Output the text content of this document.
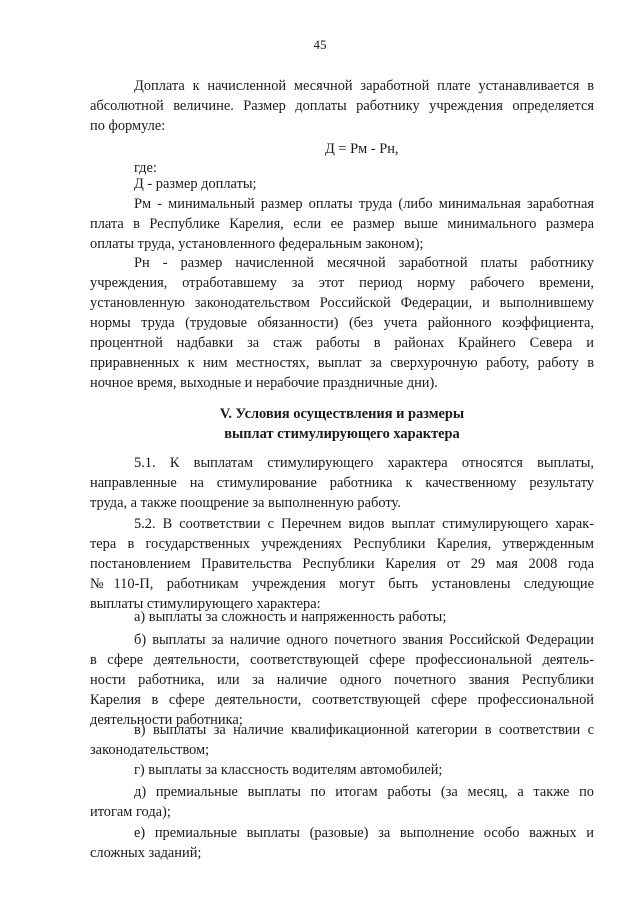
45
Доплата к начисленной месячной заработной плате устанавливается в
абсолютной величине. Размер доплаты работнику учреждения определяется
по формуле:
Д = Рм - Рн,
где:
Д - размер доплаты;
Рм - минимальный размер оплаты труда (либо минимальная заработная
плата в Республике Карелия, если ее размер выше минимального размера
оплаты труда, установленного федеральным законом);
Рн - размер начисленной месячной заработной платы работнику
учреждения, отработавшему за этот период норму рабочего времени,
установленную законодательством Российской Федерации, и выполнившему
нормы труда (трудовые обязанности) (без учета районного коэффициента,
процентной надбавки за стаж работы в районах Крайнего Севера и
приравненных к ним местностях, выплат за сверхурочную работу, работу в
ночное время, выходные и нерабочие праздничные дни).
V. Условия осуществления и размеры
выплат стимулирующего характера
5.1. К выплатам стимулирующего характера относятся выплаты,
направленные на стимулирование работника к качественному результату
труда, а также поощрение за выполненную работу.
5.2. В соответствии с Перечнем видов выплат стимулирующего харак-
тера в государственных учреждениях Республики Карелия, утвержденным
постановлением Правительства Республики Карелия от 29 мая 2008 года
№110-П, работникам учреждения могут быть установлены следующие
выплаты стимулирующего характера:
а) выплаты за сложность и напряженность работы;
б) выплаты за наличие одного почетного звания Российской Федерации
в сфере деятельности, соответствующей сфере профессиональной деятель-
ности работника, или за наличие одного почетного звания Республики
Карелия в сфере деятельности, соответствующей сфере профессиональной
деятельности работника;
в) выплаты за наличие квалификационной категории в соответствии с
законодательством;
г) выплаты за классность водителям автомобилей;
д) премиальные выплаты по итогам работы (за месяц, а также по
итогам года);
е) премиальные выплаты (разовые) за выполнение особо важных и
сложных заданий;
